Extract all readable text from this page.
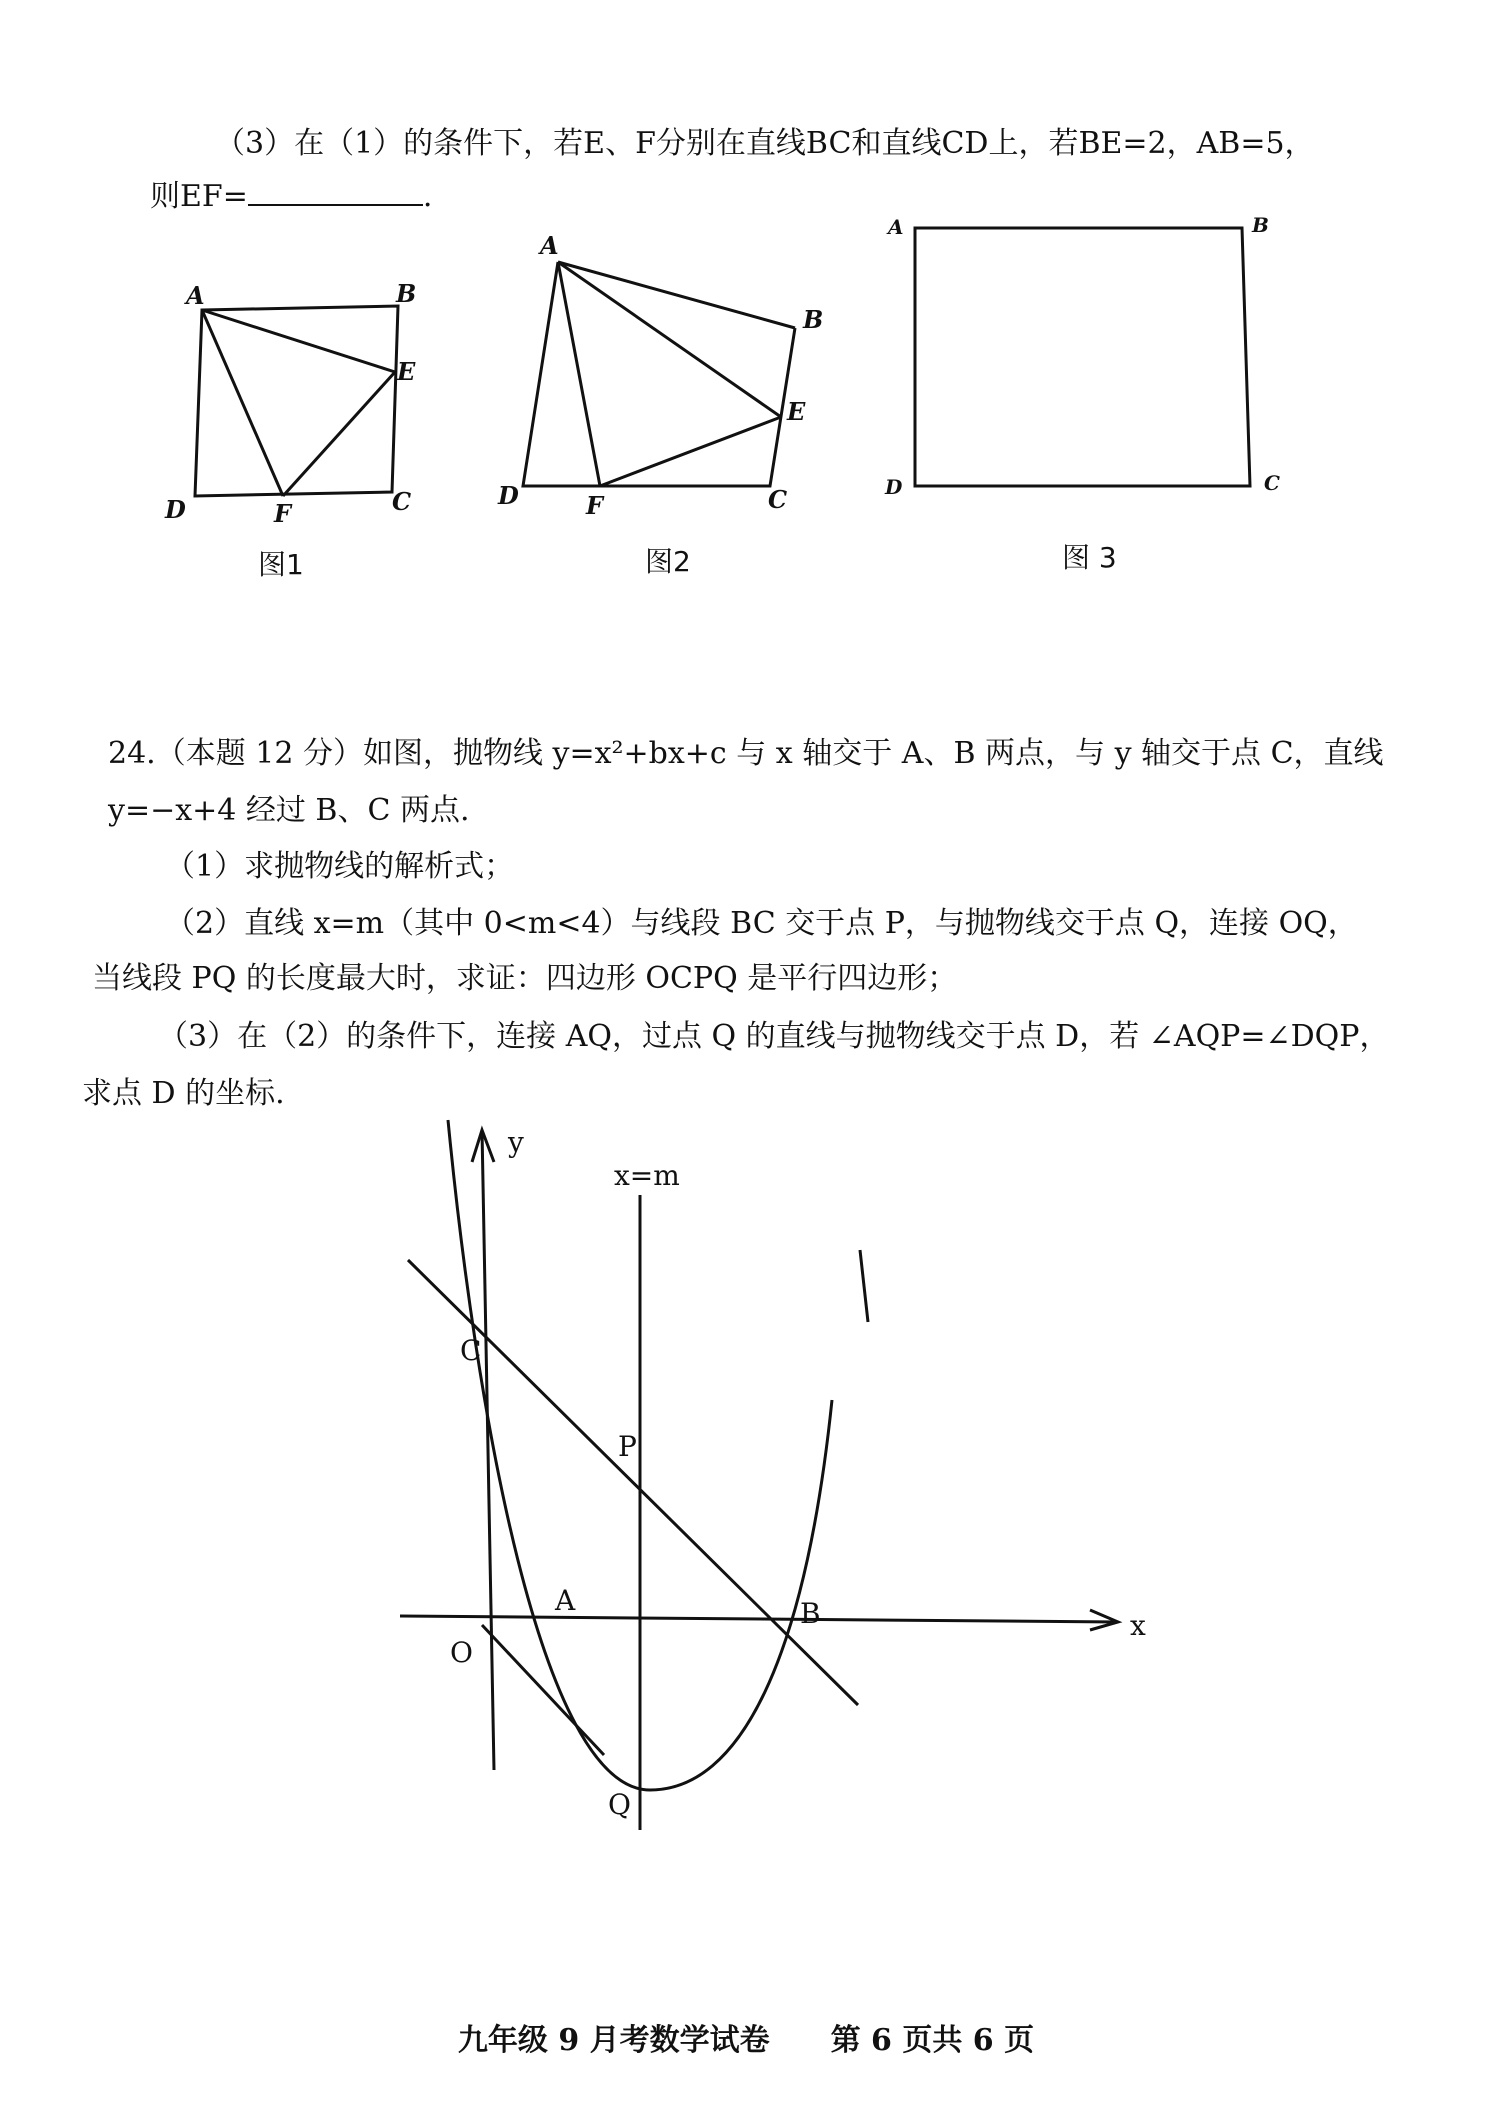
（3）在（1）的条件下，若E、F分别在直线BC和直线CD上，若BE=2，AB=5，
则EF=	.
A	B
E
C
D	F
A
B
E
C
D	F
A	B
D	C
图1	图2	图 3
24.（本题 12 分）如图，抛物线 y=x²+bx+c 与 x 轴交于 A、B 两点，与 y 轴交于点 C，直线
y=−x+4 经过 B、C 两点.
（1）求抛物线的解析式；
（2）直线 x=m（其中 0<m<4）与线段 BC 交于点 P，与抛物线交于点 Q，连接 OQ，
当线段 PQ 的长度最大时，求证：四边形 OCPQ 是平行四边形；
（3）在（2）的条件下，连接 AQ，过点 Q 的直线与抛物线交于点 D，若 ∠AQP=∠DQP，
求点 D 的坐标.
y
x
x=m
C
P
A	B
O
Q
九年级 9 月考数学试卷 第 6 页共 6 页
